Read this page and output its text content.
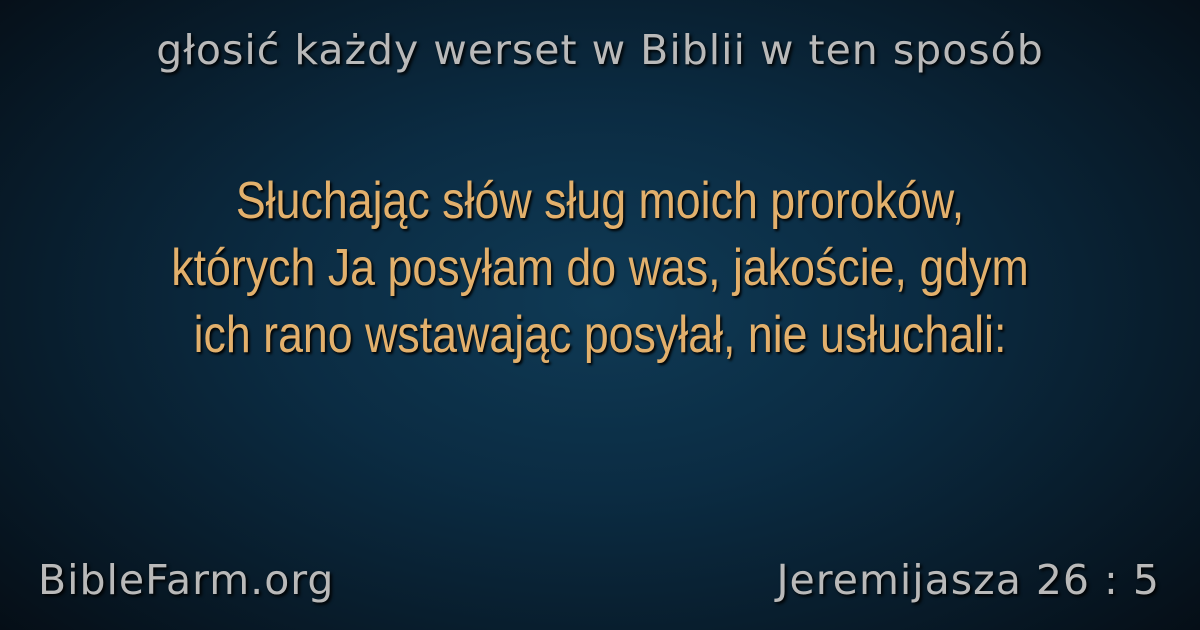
głosić każdy werset w Biblii w ten sposób
Słuchając słów sług moich proroków,
których Ja posyłam do was, jakoście, gdym
ich rano wstawając posyłał, nie usłuchali:
BibleFarm.org	Jeremijasza 26 : 5
